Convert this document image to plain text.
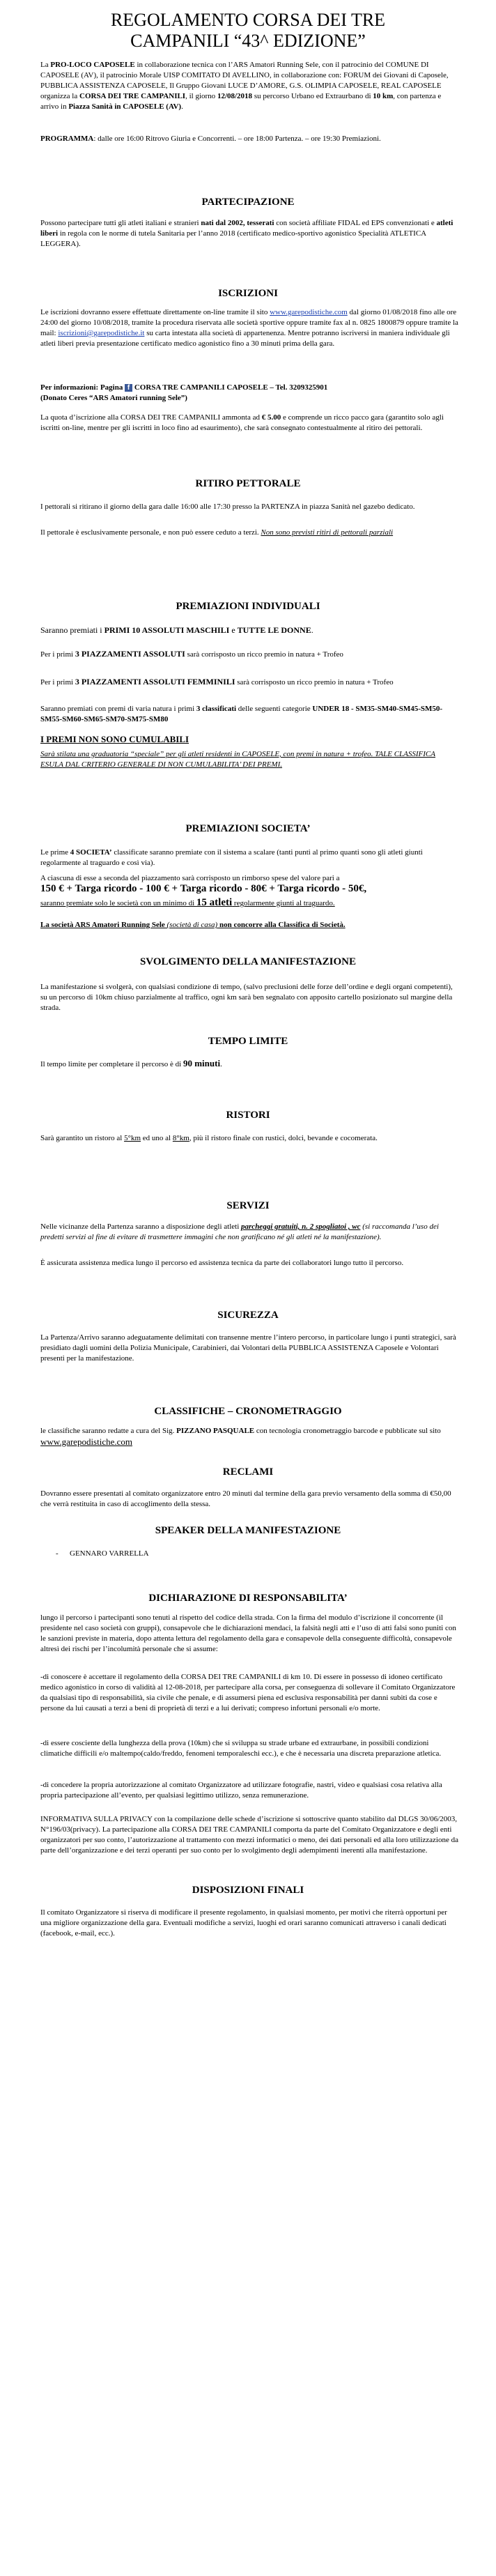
REGOLAMENTO CORSA DEI TRE
CAMPANILI “43^ EDIZIONE”

La PRO-LOCO CAPOSELE in collaborazione tecnica con l’ARS Amatori Running Sele, con il patrocinio del COMUNE DI CAPOSELE (AV), il patrocinio Morale UISP COMITATO DI AVELLINO, in collaborazione con: FORUM dei Giovani di Caposele, PUBBLICA ASSISTENZA CAPOSELE, Il Gruppo Giovani LUCE D’AMORE, G.S. OLIMPIA CAPOSELE, REAL CAPOSELE organizza la CORSA DEI TRE CAMPANILI, il giorno 12/08/2018 su percorso Urbano ed Extraurbano di 10 km, con partenza e arrivo in Piazza Sanità in CAPOSELE (AV).

PROGRAMMA: dalle ore 16:00 Ritrovo Giuria e Concorrenti. – ore 18:00 Partenza. – ore 19:30 Premiazioni.

PARTECIPAZIONE

Possono partecipare tutti gli atleti italiani e stranieri nati dal 2002, tesserati con società affiliate FIDAL ed EPS convenzionati e atleti liberi in regola con le norme di tutela Sanitaria per l’anno 2018 (certificato medico-sportivo agonistico Specialità ATLETICA LEGGERA).

ISCRIZIONI

Le iscrizioni dovranno essere effettuate direttamente on-line tramite il sito www.garepodistiche.com dal giorno 01/08/2018 fino alle ore 24:00 del giorno 10/08/2018, tramite la procedura riservata alle società sportive oppure tramite fax al n. 0825 1800879 oppure tramite la mail: iscrizioni@garepodistiche.it su carta intestata alla società di appartenenza. Mentre potranno iscriversi in maniera individuale gli atleti liberi previa presentazione certificato medico agonistico fino a 30 minuti prima della gara.

Per informazioni: Pagina f CORSA TRE CAMPANILI CAPOSELE – Tel. 3209325901
(Donato Ceres “ARS Amatori running Sele”)

La quota d’iscrizione alla CORSA DEI TRE CAMPANILI ammonta ad € 5.00 e comprende un ricco pacco gara (garantito solo agli iscritti on-line, mentre per gli iscritti in loco fino ad esaurimento), che sarà consegnato contestualmente al ritiro dei pettorali.

RITIRO PETTORALE

I pettorali si ritirano il giorno della gara dalle 16:00 alle 17:30 presso la PARTENZA in piazza Sanità nel gazebo dedicato.

Il pettorale è esclusivamente personale, e non può essere ceduto a terzi. Non sono previsti ritiri di pettorali parziali

PREMIAZIONI INDIVIDUALI

Saranno premiati i PRIMI 10 ASSOLUTI MASCHILI e TUTTE LE DONNE.

Per i primi 3 PIAZZAMENTI ASSOLUTI sarà corrisposto un ricco premio in natura + Trofeo

Per i primi 3 PIAZZAMENTI ASSOLUTI FEMMINILI sarà corrisposto un ricco premio in natura + Trofeo

Saranno premiati con premi di varia natura i primi 3 classificati delle seguenti categorie UNDER 18 - SM35-SM40-SM45-SM50-SM55-SM60-SM65-SM70-SM75-SM80

I PREMI NON SONO CUMULABILI

Sarà stilata una graduatoria “speciale” per gli atleti residenti in CAPOSELE, con premi in natura + trofeo. TALE CLASSIFICA ESULA DAL CRITERIO GENERALE DI NON CUMULABILITA’ DEI PREMI.

PREMIAZIONI SOCIETA’

Le prime 4 SOCIETA’ classificate saranno premiate con il sistema a scalare (tanti punti al primo quanti sono gli atleti giunti regolarmente al traguardo e così via).

A ciascuna di esse a seconda del piazzamento sarà corrisposto un rimborso spese del valore pari a

150 € + Targa ricordo - 100 € + Targa ricordo - 80€ + Targa ricordo - 50€,

saranno premiate solo le società con un minimo di 15 atleti regolarmente giunti al traguardo.

La società ARS Amatori Running Sele (società di casa) non concorre alla Classifica di Società.

SVOLGIMENTO DELLA MANIFESTAZIONE

La manifestazione si svolgerà, con qualsiasi condizione di tempo, (salvo preclusioni delle forze dell’ordine e degli organi competenti), su un percorso di 10km chiuso parzialmente al traffico, ogni km sarà ben segnalato con apposito cartello posizionato sul margine della strada.

TEMPO LIMITE

Il tempo limite per completare il percorso è di 90 minuti.

RISTORI

Sarà garantito un ristoro al 5°km ed uno al 8°km, più il ristoro finale con rustici, dolci, bevande e cocomerata.

SERVIZI

Nelle vicinanze della Partenza saranno a disposizione degli atleti parcheggi gratuiti, n. 2 spogliatoi , wc (si raccomanda l’uso dei predetti servizi al fine di evitare di trasmettere immagini che non gratificano né gli atleti né la manifestazione).

È assicurata assistenza medica lungo il percorso ed assistenza tecnica da parte dei collaboratori lungo tutto il percorso.

SICUREZZA

La Partenza/Arrivo saranno adeguatamente delimitati con transenne mentre l’intero percorso, in particolare lungo i punti strategici, sarà presidiato dagli uomini della Polizia Municipale, Carabinieri, dai Volontari della PUBBLICA ASSISTENZA Caposele e Volontari presenti per la manifestazione.

CLASSIFICHE – CRONOMETRAGGIO

le classifiche saranno redatte a cura del Sig. PIZZANO PASQUALE con tecnologia cronometraggio barcode e pubblicate sul sito www.garepodistiche.com

RECLAMI

Dovranno essere presentati al comitato organizzatore entro 20 minuti dal termine della gara previo versamento della somma di €50,00 che verrà restituita in caso di accoglimento della stessa.

SPEAKER DELLA MANIFESTAZIONE

- GENNARO VARRELLA

DICHIARAZIONE DI RESPONSABILITA’

lungo il percorso i partecipanti sono tenuti al rispetto del codice della strada. Con la firma del modulo d’iscrizione il concorrente (il presidente nel caso società con gruppi), consapevole che le dichiarazioni mendaci, la falsità negli atti e l’uso di atti falsi sono puniti con le sanzioni previste in materia, dopo attenta lettura del regolamento della gara e consapevole della conseguente difficoltà, consapevole altresì dei rischi per l’incolumità personale che si assume:

-di conoscere è accettare il regolamento della CORSA DEI TRE CAMPANILI di km 10. Di essere in possesso di idoneo certificato medico agonistico in corso di validità al 12-08-2018, per partecipare alla corsa, per conseguenza di sollevare il Comitato Organizzatore da qualsiasi tipo di responsabilità, sia civile che penale, e di assumersi piena ed esclusiva responsabilità per danni subiti da cose e persone da lui causati a terzi a beni di proprietà di terzi e a lui derivati; compreso infortuni personali e/o morte.

-di essere cosciente della lunghezza della prova (10km) che si sviluppa su strade urbane ed extraurbane, in possibili condizioni climatiche difficili e/o maltempo(caldo/freddo, fenomeni temporaleschi ecc.), e che è necessaria una discreta preparazione atletica.

-di concedere la propria autorizzazione al comitato Organizzatore ad utilizzare fotografie, nastri, video e qualsiasi cosa relativa alla propria partecipazione all’evento, per qualsiasi legittimo utilizzo, senza remunerazione.

INFORMATIVA SULLA PRIVACY con la compilazione delle schede d’iscrizione si sottoscrive quanto stabilito dal DLGS 30/06/2003, N°196/03(privacy). La partecipazione alla CORSA DEI TRE CAMPANILI comporta da parte del Comitato Organizzatore e degli enti organizzatori per suo conto, l’autorizzazione al trattamento con mezzi informatici o meno, dei dati personali ed alla loro utilizzazione da parte dell’organizzazione e dei terzi operanti per suo conto per lo svolgimento degli adempimenti inerenti alla manifestazione.

DISPOSIZIONI FINALI

Il comitato Organizzatore si riserva di modificare il presente regolamento, in qualsiasi momento, per motivi che riterrà opportuni per una migliore organizzazione della gara. Eventuali modifiche a servizi, luoghi ed orari saranno comunicati attraverso i canali dedicati (facebook, e-mail, ecc.).
